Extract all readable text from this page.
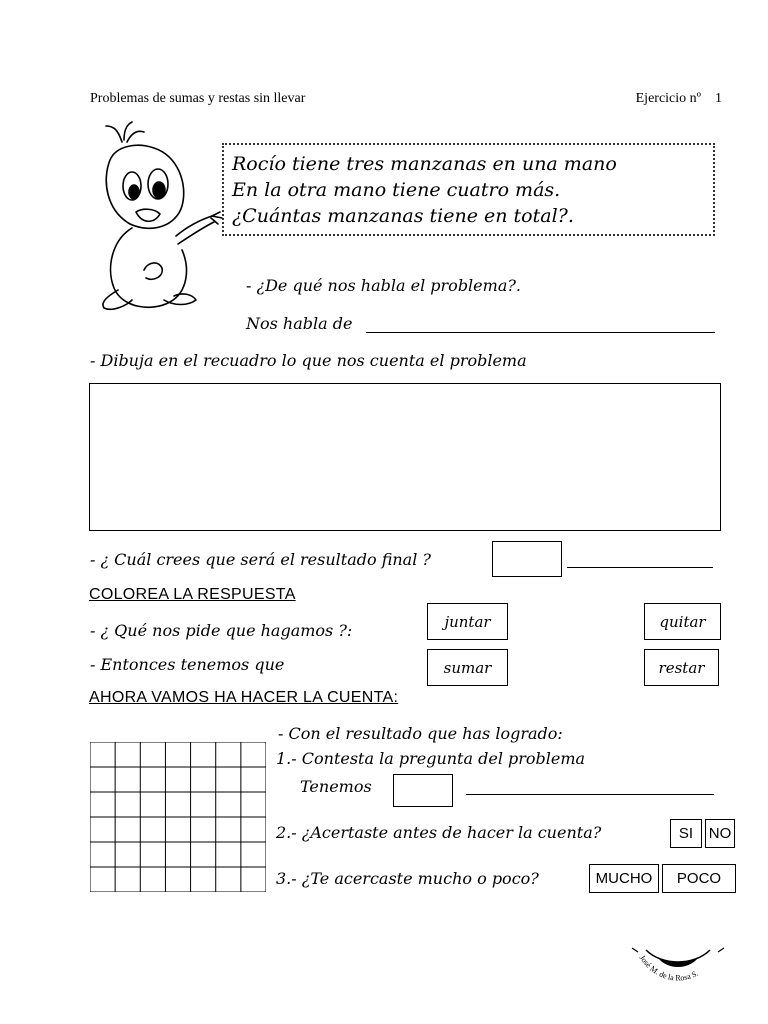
Problemas de sumas y restas sin llevar	Ejercicio nº    1
Rocío tiene tres manzanas en una mano
En la otra mano tiene cuatro más.
¿Cuántas manzanas tiene en total?.
- ¿De qué nos habla el problema?.
Nos habla de
- Dibuja en el recuadro lo que nos cuenta el problema
- ¿ Cuál crees que será el resultado final ?
COLOREA LA RESPUESTA
- ¿ Qué nos pide que hagamos ?:	juntar	quitar
- Entonces tenemos que	sumar	restar
AHORA VAMOS HA HACER LA CUENTA:
- Con el resultado que has logrado:
1.- Contesta la pregunta del problema
Tenemos
2.- ¿Acertaste antes de hacer la cuenta?	SI	NO
3.- ¿Te acercaste mucho o poco?	MUCHO	POCO
José M. de la Rosa S.
